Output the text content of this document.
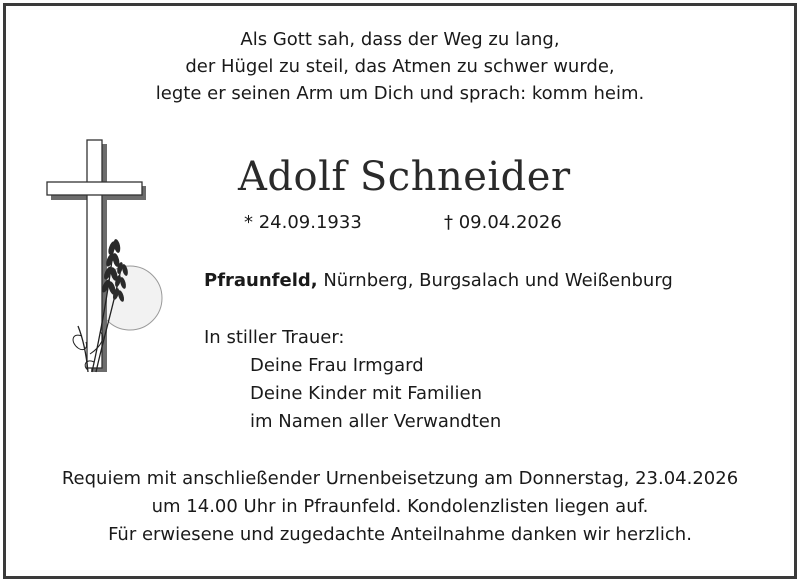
Als Gott sah, dass der Weg zu lang,
der Hügel zu steil, das Atmen zu schwer wurde,
legte er seinen Arm um Dich und sprach: komm heim.
Adolf Schneider
* 24.09.1933	† 09.04.2026
Pfraunfeld, Nürnberg, Burgsalach und Weißenburg
In stiller Trauer:
Deine Frau Irmgard
Deine Kinder mit Familien
im Namen aller Verwandten
Requiem mit anschließender Urnenbeisetzung am Donnerstag, 23.04.2026
um 14.00 Uhr in Pfraunfeld. Kondolenzlisten liegen auf.
Für erwiesene und zugedachte Anteilnahme danken wir herzlich.
